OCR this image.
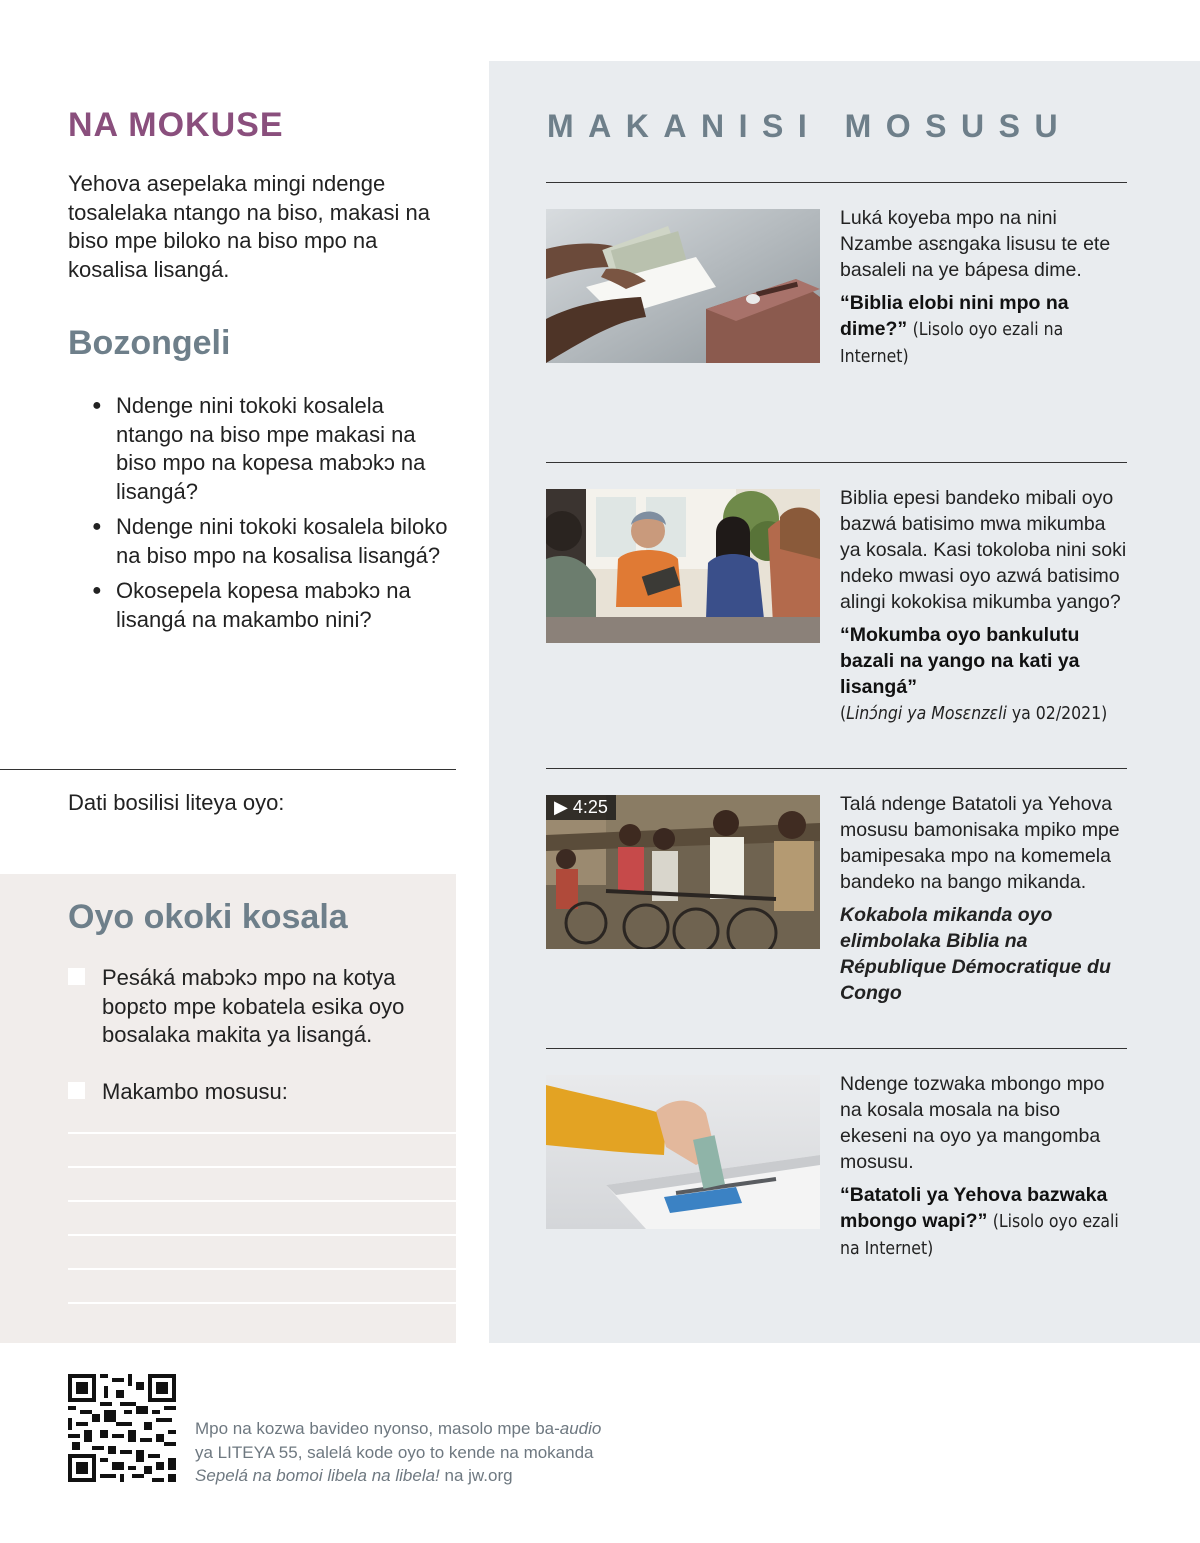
NA MOKUSE

Yehova asepelaka mingi ndenge tosalelaka ntango na biso, makasi na biso mpe biloko na biso mpo na kosalisa lisangá.

Bozongeli
● Ndenge nini tokoki kosalela ntango na biso mpe makasi na biso mpo na kopesa mabɔkɔ na lisangá?
● Ndenge nini tokoki kosalela biloko na biso mpo na kosalisa lisangá?
● Okosepela kopesa mabɔkɔ na lisangá na makambo nini?
Dati bosilisi liteya oyo:
Oyo okoki kosala
Pesáká mabɔkɔ mpo na kotya bopɛto mpe kobatela esika oyo bosalaka makita ya lisangá.
Makambo mosusu:
MAKANISI MOSUSU

Luká koyeba mpo na nini Nzambe asɛngaka lisusu te ete basaleli na ye bápesa dime.

“Biblia elobi nini mpo na dime?” (Lisolo oyo ezali na Internet)

Biblia epesi bandeko mibali oyo bazwá batisimo mwa mikumba ya kosala. Kasi tokoloba nini soki ndeko mwasi oyo azwá batisimo alingi kokokisa mikumba yango?

“Mokumba oyo bankulutu bazali na yango na kati ya lisangá”
(Linɔ́ngi ya Mosɛnzɛli ya 02/2021)

▶ 4:25	Talá ndenge Batatoli ya Yehova mosusu bamonisaka mpiko mpe bamipesaka mpo na komemela bandeko na bango mikanda.

Kokabola mikanda oyo elimbolaka Biblia na République Démocratique du Congo

Ndenge tozwaka mbongo mpo na kosala mosala na biso ekeseni na oyo ya mangomba mosusu.

“Batatoli ya Yehova bazwaka mbongo wapi?” (Lisolo oyo ezali na Internet)

Mpo na kozwa bavideo nyonso, masolo mpe ba-audio
ya LITEYA 55, salelá kode oyo to kende na mokanda
Sepelá na bomoi libela na libela! na jw.org
